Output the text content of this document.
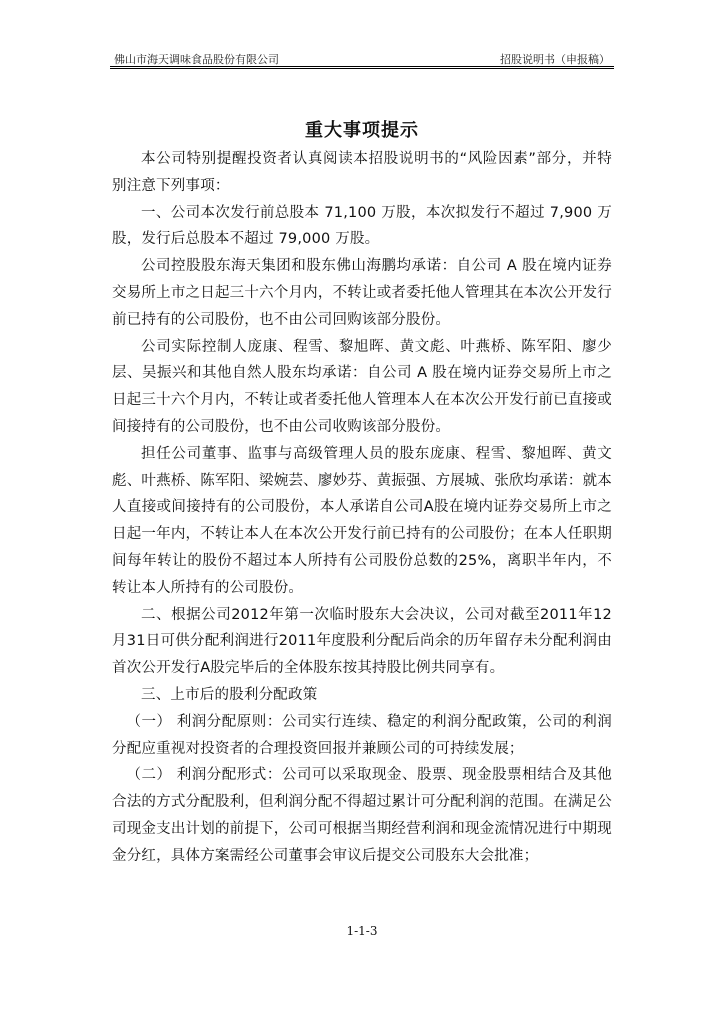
佛山市海天调味食品股份有限公司	招股说明书（申报稿）
重大事项提示

本公司特别提醒投资者认真阅读本招股说明书的“风险因素”部分，并特别注意下列事项：

一、公司本次发行前总股本 71,100 万股，本次拟发行不超过 7,900 万股，发行后总股本不超过 79,000 万股。

公司控股股东海天集团和股东佛山海鹏均承诺：自公司 A 股在境内证券交易所上市之日起三十六个月内，不转让或者委托他人管理其在本次公开发行前已持有的公司股份，也不由公司回购该部分股份。

公司实际控制人庞康、程雪、黎旭晖、黄文彪、叶燕桥、陈军阳、廖少层、吴振兴和其他自然人股东均承诺：自公司 A 股在境内证券交易所上市之日起三十六个月内，不转让或者委托他人管理本人在本次公开发行前已直接或间接持有的公司股份，也不由公司收购该部分股份。

担任公司董事、监事与高级管理人员的股东庞康、程雪、黎旭晖、黄文彪、叶燕桥、陈军阳、梁婉芸、廖妙芬、黄振强、方展城、张欣均承诺：就本人直接或间接持有的公司股份，本人承诺自公司A股在境内证券交易所上市之日起一年内，不转让本人在本次公开发行前已持有的公司股份；在本人任职期间每年转让的股份不超过本人所持有公司股份总数的25%，离职半年内，不转让本人所持有的公司股份。

二、根据公司2012年第一次临时股东大会决议，公司对截至2011年12月31日可供分配利润进行2011年度股利分配后尚余的历年留存未分配利润由首次公开发行A股完毕后的全体股东按其持股比例共同享有。

三、上市后的股利分配政策

（一） 利润分配原则：公司实行连续、稳定的利润分配政策，公司的利润分配应重视对投资者的合理投资回报并兼顾公司的可持续发展；

（二） 利润分配形式：公司可以采取现金、股票、现金股票相结合及其他合法的方式分配股利，但利润分配不得超过累计可分配利润的范围。在满足公司现金支出计划的前提下，公司可根据当期经营利润和现金流情况进行中期现金分红，具体方案需经公司董事会审议后提交公司股东大会批准；

1-1-3
